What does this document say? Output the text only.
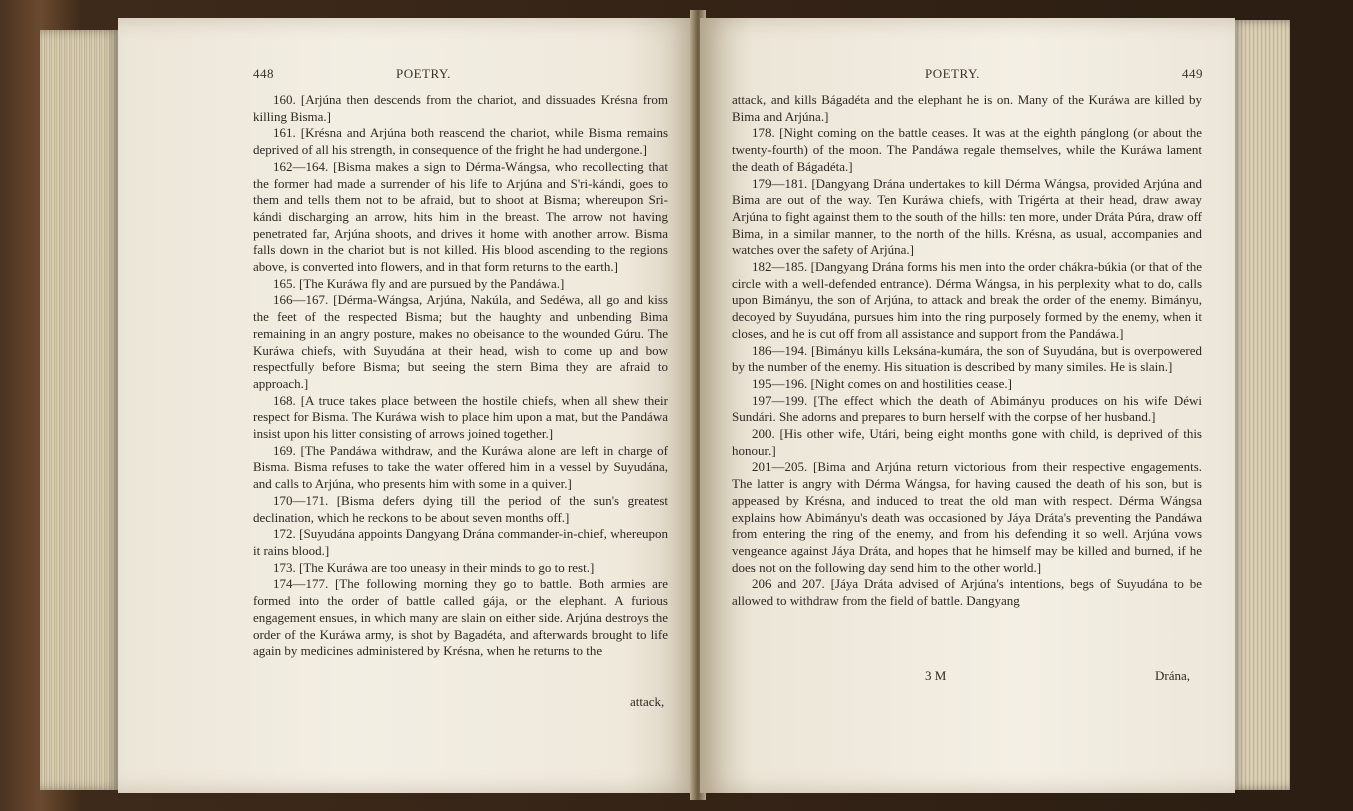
448	POETRY.

160. [Arjúna then descends from the chariot, and dissuades Krésna from killing Bisma.]

161. [Krésna and Arjúna both reascend the chariot, while Bisma remains deprived of all his strength, in consequence of the fright he had undergone.]

162—164. [Bisma makes a sign to Dérma-Wángsa, who recollecting that the former had made a surrender of his life to Arjúna and S'ri-kándi, goes to them and tells them not to be afraid, but to shoot at Bisma; whereupon Sri-kándi discharging an arrow, hits him in the breast. The arrow not having penetrated far, Arjúna shoots, and drives it home with another arrow. Bisma falls down in the chariot but is not killed. His blood ascending to the regions above, is converted into flowers, and in that form returns to the earth.]

165. [The Kuráwa fly and are pursued by the Pandáwa.]

166—167. [Dérma-Wángsa, Arjúna, Nakúla, and Sedéwa, all go and kiss the feet of the respected Bisma; but the haughty and unbending Bima remaining in an angry posture, makes no obeisance to the wounded Gúru. The Kuráwa chiefs, with Suyudána at their head, wish to come up and bow respectfully before Bisma; but seeing the stern Bima they are afraid to approach.]

168. [A truce takes place between the hostile chiefs, when all shew their respect for Bisma. The Kuráwa wish to place him upon a mat, but the Pandáwa insist upon his litter consisting of arrows joined together.]

169. [The Pandáwa withdraw, and the Kuráwa alone are left in charge of Bisma. Bisma refuses to take the water offered him in a vessel by Suyudána, and calls to Arjúna, who presents him with some in a quiver.]

170—171. [Bisma defers dying till the period of the sun's greatest declination, which he reckons to be about seven months off.]

172. [Suyudána appoints Dangyang Drána commander-in-chief, whereupon it rains blood.]

173. [The Kuráwa are too uneasy in their minds to go to rest.]

174—177. [The following morning they go to battle. Both armies are formed into the order of battle called gája, or the elephant. A furious engagement ensues, in which many are slain on either side. Arjúna destroys the order of the Kuráwa army, is shot by Bagadéta, and afterwards brought to life again by medicines administered by Krésna, when he returns to the

attack,
POETRY.	449

attack, and kills Bágadéta and the elephant he is on. Many of the Kuráwa are killed by Bima and Arjúna.]

178. [Night coming on the battle ceases. It was at the eighth pánglong (or about the twenty-fourth) of the moon. The Pandáwa regale themselves, while the Kuráwa lament the death of Bágadéta.]

179—181. [Dangyang Drána undertakes to kill Dérma Wángsa, provided Arjúna and Bima are out of the way. Ten Kuráwa chiefs, with Trigérta at their head, draw away Arjúna to fight against them to the south of the hills: ten more, under Dráta Púra, draw off Bima, in a similar manner, to the north of the hills. Krésna, as usual, accompanies and watches over the safety of Arjúna.]

182—185. [Dangyang Drána forms his men into the order chákra-búkia (or that of the circle with a well-defended entrance). Dérma Wángsa, in his perplexity what to do, calls upon Bimányu, the son of Arjúna, to attack and break the order of the enemy. Bimányu, decoyed by Suyudána, pursues him into the ring purposely formed by the enemy, when it closes, and he is cut off from all assistance and support from the Pandáwa.]

186—194. [Bimányu kills Leksána-kumára, the son of Suyudána, but is overpowered by the number of the enemy. His situation is described by many similes. He is slain.]

195—196. [Night comes on and hostilities cease.]

197—199. [The effect which the death of Abimányu produces on his wife Déwi Sundári. She adorns and prepares to burn herself with the corpse of her husband.]

200. [His other wife, Utári, being eight months gone with child, is deprived of this honour.]

201—205. [Bima and Arjúna return victorious from their respective engagements. The latter is angry with Dérma Wángsa, for having caused the death of his son, but is appeased by Krésna, and induced to treat the old man with respect. Dérma Wángsa explains how Abimányu's death was occasioned by Jáya Dráta's preventing the Pandáwa from entering the ring of the enemy, and from his defending it so well. Arjúna vows vengeance against Jáya Dráta, and hopes that he himself may be killed and burned, if he does not on the following day send him to the other world.]

206 and 207. [Jáya Dráta advised of Arjúna's intentions, begs of Suyudána to be allowed to withdraw from the field of battle. Dangyang

3 M	Drána,
